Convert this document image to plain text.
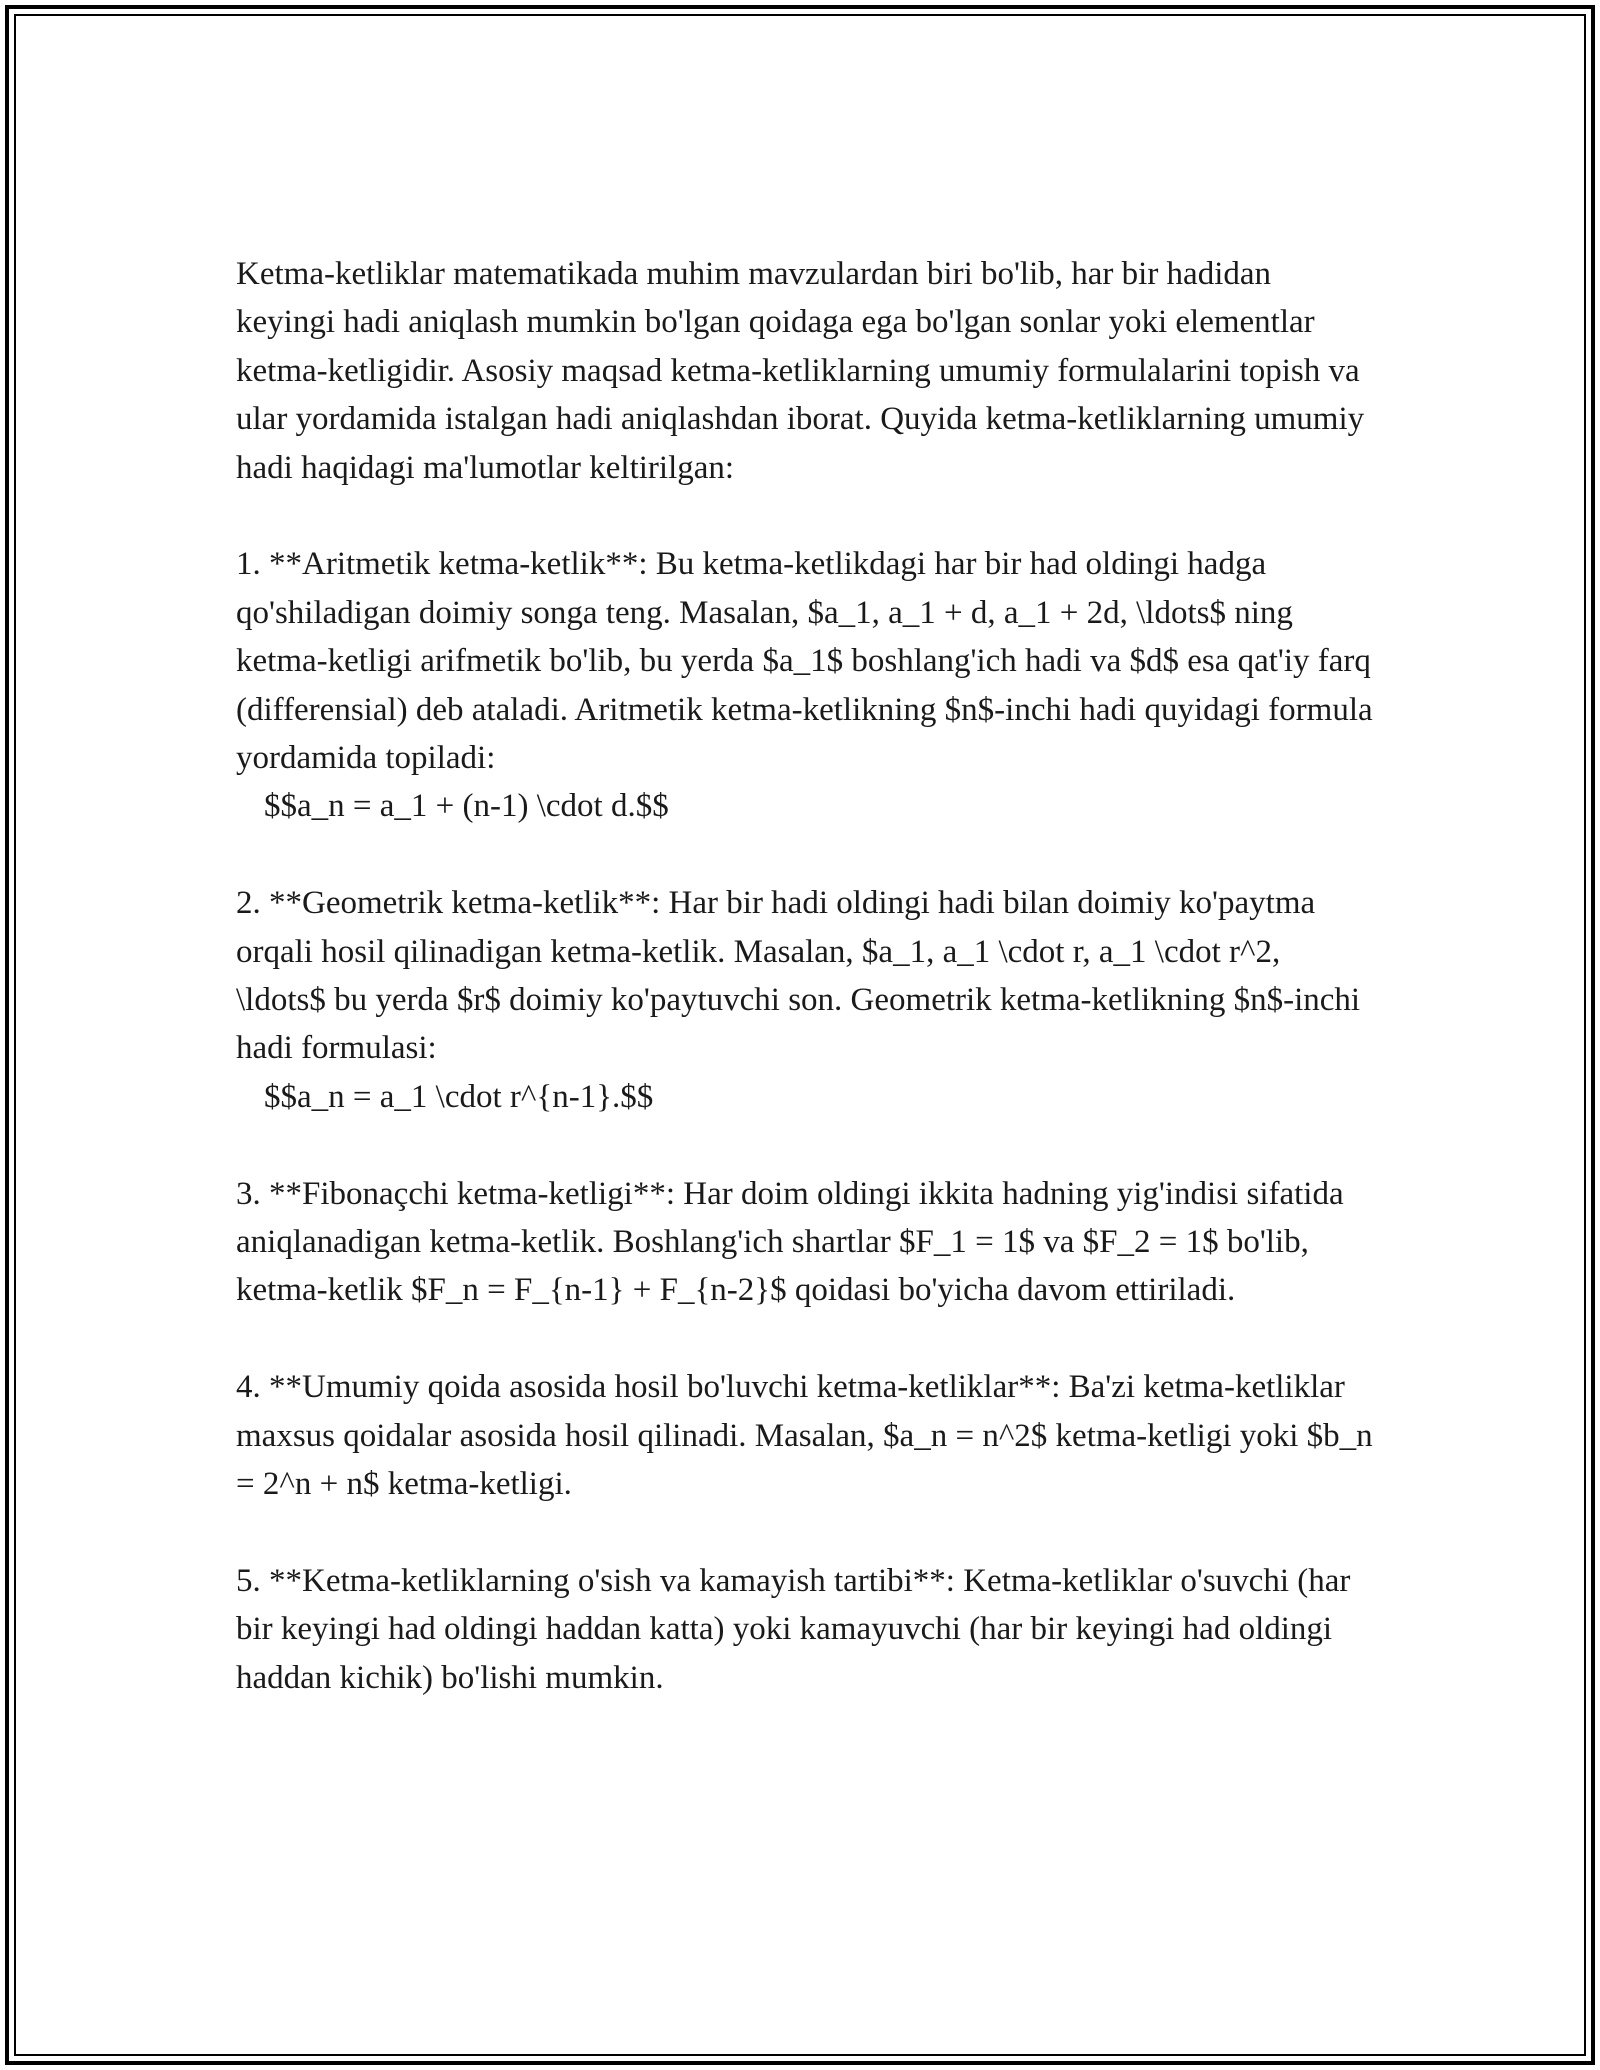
Ketma-ketliklar matematikada muhim mavzulardan biri bo'lib, har bir hadidan keyingi hadi aniqlash mumkin bo'lgan qoidaga ega bo'lgan sonlar yoki elementlar ketma-ketligidir. Asosiy maqsad ketma-ketliklarning umumiy formulalarini topish va ular yordamida istalgan hadi aniqlashdan iborat. Quyida ketma-ketliklarning umumiy hadi haqidagi ma'lumotlar keltirilgan:

1. **Aritmetik ketma-ketlik**: Bu ketma-ketlikdagi har bir had oldingi hadga qo'shiladigan doimiy songa teng. Masalan, $a_1, a_1 + d, a_1 + 2d, \ldots$ ning ketma-ketligi arifmetik bo'lib, bu yerda $a_1$ boshlang'ich hadi va $d$ esa qat'iy farq (differensial) deb ataladi. Aritmetik ketma-ketlikning $n$-inchi hadi quyidagi formula yordamida topiladi:

$$a_n = a_1 + (n-1) \cdot d.$$

2. **Geometrik ketma-ketlik**: Har bir hadi oldingi hadi bilan doimiy ko'paytma orqali hosil qilinadigan ketma-ketlik. Masalan, $a_1, a_1 \cdot r, a_1 \cdot r^2, \ldots$ bu yerda $r$ doimiy ko'paytuvchi son. Geometrik ketma-ketlikning $n$-inchi hadi formulasi:

$$a_n = a_1 \cdot r^{n-1}.$$

3. **Fibonaçchi ketma-ketligi**: Har doim oldingi ikkita hadning yig'indisi sifatida aniqlanadigan ketma-ketlik. Boshlang'ich shartlar $F_1 = 1$ va $F_2 = 1$ bo'lib, ketma-ketlik $F_n = F_{n-1} + F_{n-2}$ qoidasi bo'yicha davom ettiriladi.

4. **Umumiy qoida asosida hosil bo'luvchi ketma-ketliklar**: Ba'zi ketma-ketliklar maxsus qoidalar asosida hosil qilinadi. Masalan, $a_n = n^2$ ketma-ketligi yoki $b_n = 2^n + n$ ketma-ketligi.

5. **Ketma-ketliklarning o'sish va kamayish tartibi**: Ketma-ketliklar o'suvchi (har bir keyingi had oldingi haddan katta) yoki kamayuvchi (har bir keyingi had oldingi haddan kichik) bo'lishi mumkin.
